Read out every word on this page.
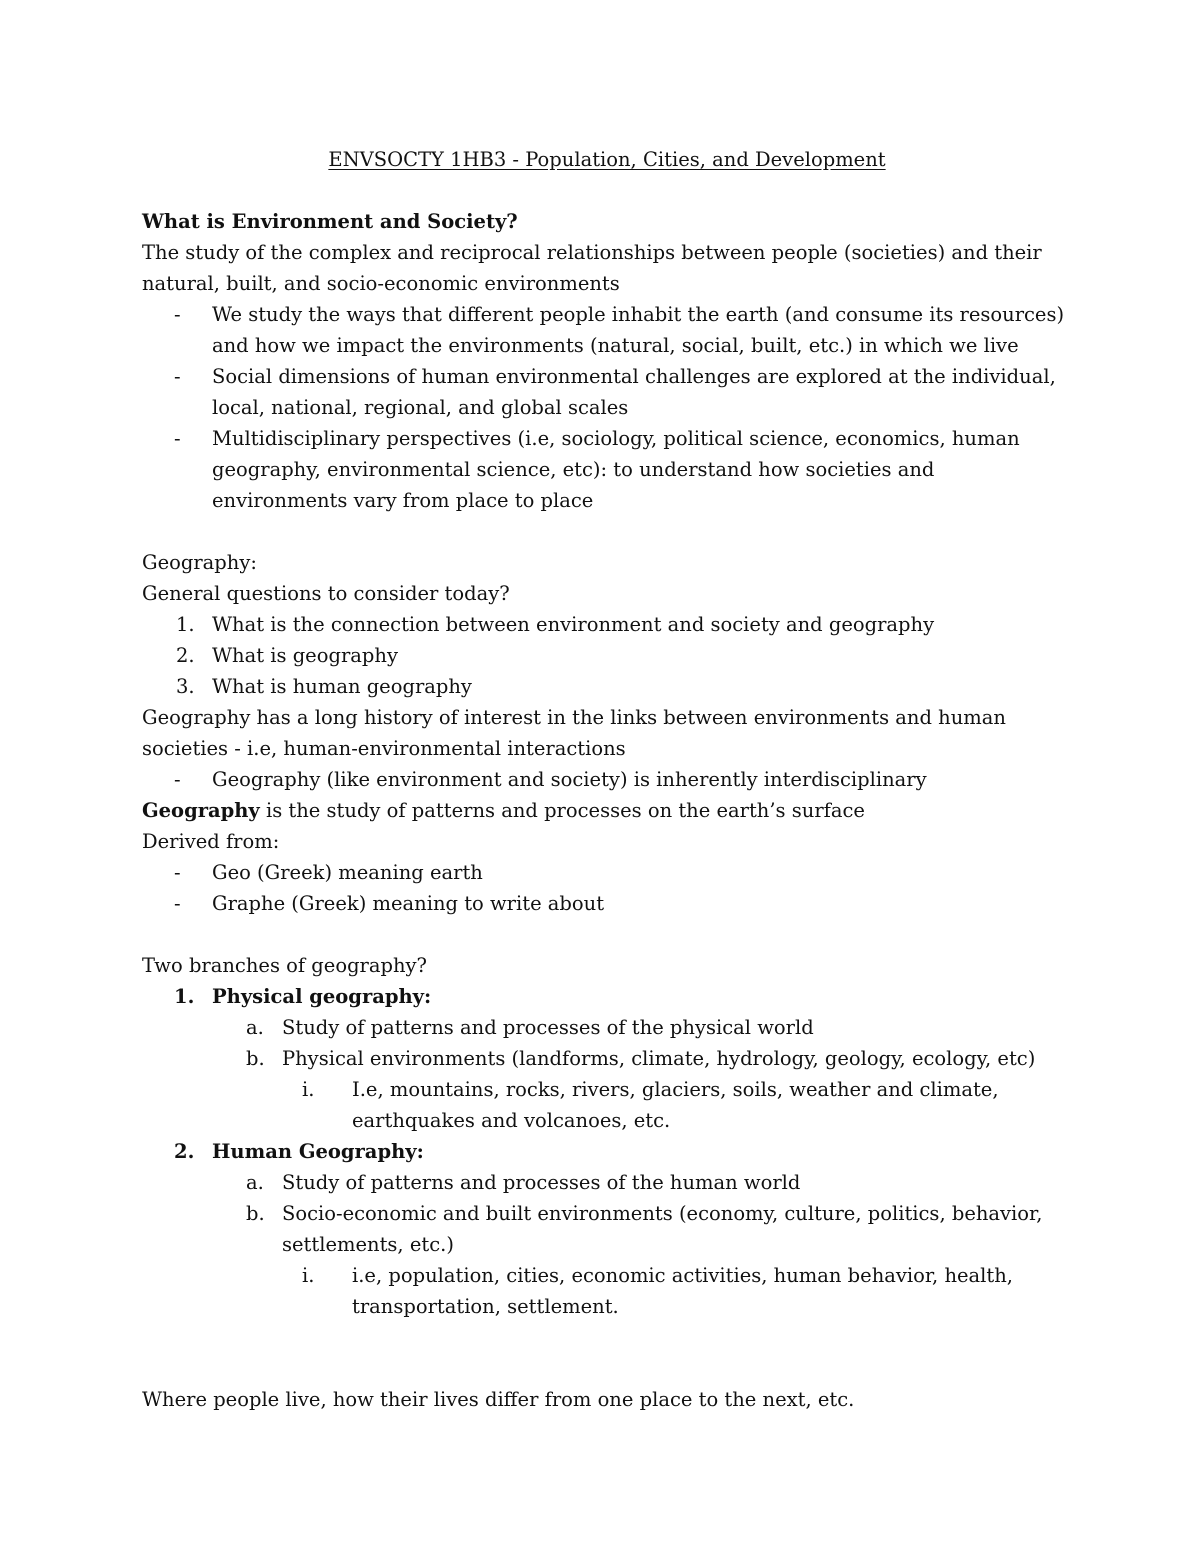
ENVSOCTY 1HB3 - Population, Cities, and Development
What is Environment and Society?
The study of the complex and reciprocal relationships between people (societies) and their natural, built, and socio-economic environments
- We study the ways that different people inhabit the earth (and consume its resources) and how we impact the environments (natural, social, built, etc.) in which we live
- Social dimensions of human environmental challenges are explored at the individual, local, national, regional, and global scales
- Multidisciplinary perspectives (i.e, sociology, political science, economics, human geography, environmental science, etc): to understand how societies and environments vary from place to place
Geography:
General questions to consider today?
1. What is the connection between environment and society and geography
2. What is geography
3. What is human geography
Geography has a long history of interest in the links between environments and human societies - i.e, human-environmental interactions
- Geography (like environment and society) is inherently interdisciplinary
Geography is the study of patterns and processes on the earth’s surface
Derived from:
- Geo (Greek) meaning earth
- Graphe (Greek) meaning to write about
Two branches of geography?
1. Physical geography:
a. Study of patterns and processes of the physical world
b. Physical environments (landforms, climate, hydrology, geology, ecology, etc)
i. I.e, mountains, rocks, rivers, glaciers, soils, weather and climate, earthquakes and volcanoes, etc.
2. Human Geography:
a. Study of patterns and processes of the human world
b. Socio-economic and built environments (economy, culture, politics, behavior, settlements, etc.)
i. i.e, population, cities, economic activities, human behavior, health, transportation, settlement.
Where people live, how their lives differ from one place to the next, etc.
